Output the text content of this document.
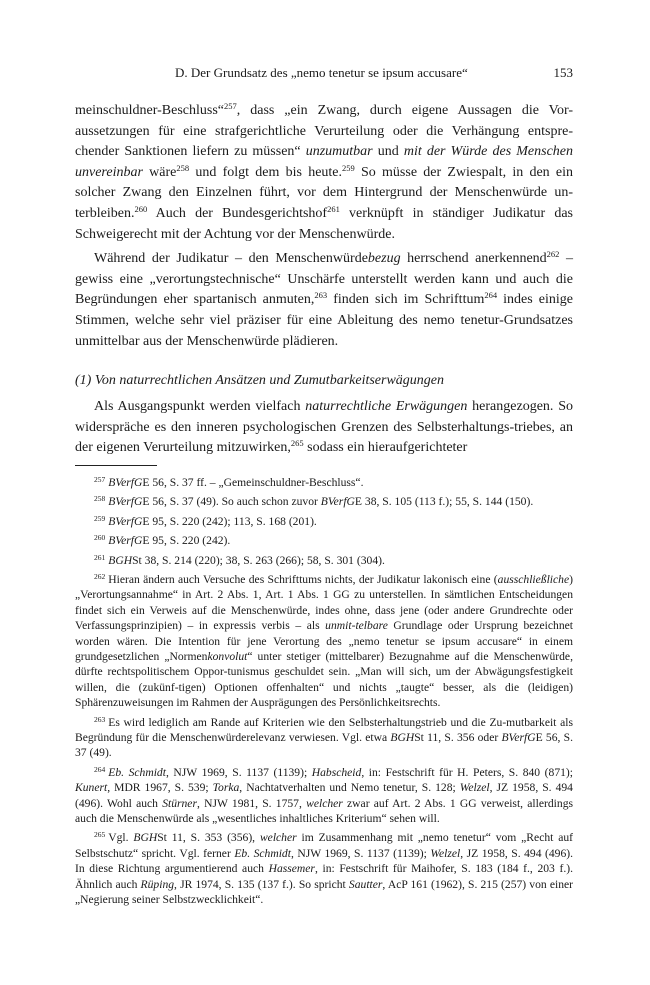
D. Der Grundsatz des „nemo tenetur se ipsum accusare“	153

meinschuldner-Beschluss“$^{257}$, dass „ein Zwang, durch eigene Aussagen die Vor-aussetzungen für eine strafgerichtliche Verurteilung oder die Verhängung entspre-chender Sanktionen liefern zu müssen“ unzumutbar und mit der Würde des Menschen unvereinbar wäre$^{258}$ und folgt dem bis heute.$^{259}$ So müsse der Zwiespalt, in den ein solcher Zwang den Einzelnen führt, vor dem Hintergrund der Menschenwürde un-terbleiben.$^{260}$ Auch der Bundesgerichtshof$^{261}$ verknüpft in ständiger Judikatur das Schweigerecht mit der Achtung vor der Menschenwürde.

Während der Judikatur – den Menschenwürdebezug herrschend anerkennend$^{262}$ – gewiss eine „verortungstechnische“ Unschärfe unterstellt werden kann und auch die Begründungen eher spartanisch anmuten,$^{263}$ finden sich im Schrifttum$^{264}$ indes einige Stimmen, welche sehr viel präziser für eine Ableitung des nemo tenetur-Grundsatzes unmittelbar aus der Menschenwürde plädieren.

(1) Von naturrechtlichen Ansätzen und Zumutbarkeitserwägungen

Als Ausgangspunkt werden vielfach naturrechtliche Erwägungen herangezogen. So widerspräche es den inneren psychologischen Grenzen des Selbsterhaltungs-triebes, an der eigenen Verurteilung mitzuwirken,$^{265}$ sodass ein hieraufgerichteter

$^{257}$ BVerfGE 56, S. 37 ff. – „Gemeinschuldner-Beschluss“.

$^{258}$ BVerfGE 56, S. 37 (49). So auch schon zuvor BVerfGE 38, S. 105 (113 f.); 55, S. 144 (150).

$^{259}$ BVerfGE 95, S. 220 (242); 113, S. 168 (201).

$^{260}$ BVerfGE 95, S. 220 (242).

$^{261}$ BGHSt 38, S. 214 (220); 38, S. 263 (266); 58, S. 301 (304).

$^{262}$ Hieran ändern auch Versuche des Schrifttums nichts, der Judikatur lakonisch eine (ausschließliche) „Verortungsannahme“ in Art. 2 Abs. 1, Art. 1 Abs. 1 GG zu unterstellen. In sämtlichen Entscheidungen findet sich ein Verweis auf die Menschenwürde, indes ohne, dass jene (oder andere Grundrechte oder Verfassungsprinzipien) – in expressis verbis – als unmit-telbare Grundlage oder Ursprung bezeichnet worden wären. Die Intention für jene Verortung des „nemo tenetur se ipsum accusare“ in einem grundgesetzlichen „Normenkonvolut“ unter stetiger (mittelbarer) Bezugnahme auf die Menschenwürde, dürfte rechtspolitischem Oppor-tunismus geschuldet sein. „Man will sich, um der Abwägungsfestigkeit willen, die (zukünf-tigen) Optionen offenhalten“ und nichts „taugte“ besser, als die (leidigen) Sphärenzuweisungen im Rahmen der Ausprägungen des Persönlichkeitsrechts.

$^{263}$ Es wird lediglich am Rande auf Kriterien wie den Selbsterhaltungstrieb und die Zu-mutbarkeit als Begründung für die Menschenwürderelevanz verwiesen. Vgl. etwa BGHSt 11, S. 356 oder BVerfGE 56, S. 37 (49).

$^{264}$ Eb. Schmidt, NJW 1969, S. 1137 (1139); Habscheid, in: Festschrift für H. Peters, S. 840 (871); Kunert, MDR 1967, S. 539; Torka, Nachtatverhalten und Nemo tenetur, S. 128; Welzel, JZ 1958, S. 494 (496). Wohl auch Stürner, NJW 1981, S. 1757, welcher zwar auf Art. 2 Abs. 1 GG verweist, allerdings auch die Menschenwürde als „wesentliches inhaltliches Kriterium“ sehen will.

$^{265}$ Vgl. BGHSt 11, S. 353 (356), welcher im Zusammenhang mit „nemo tenetur“ vom „Recht auf Selbstschutz“ spricht. Vgl. ferner Eb. Schmidt, NJW 1969, S. 1137 (1139); Welzel, JZ 1958, S. 494 (496). In diese Richtung argumentierend auch Hassemer, in: Festschrift für Maihofer, S. 183 (184 f., 203 f.). Ähnlich auch Rüping, JR 1974, S. 135 (137 f.). So spricht Sautter, AcP 161 (1962), S. 215 (257) von einer „Negierung seiner Selbstzwecklichkeit“.
